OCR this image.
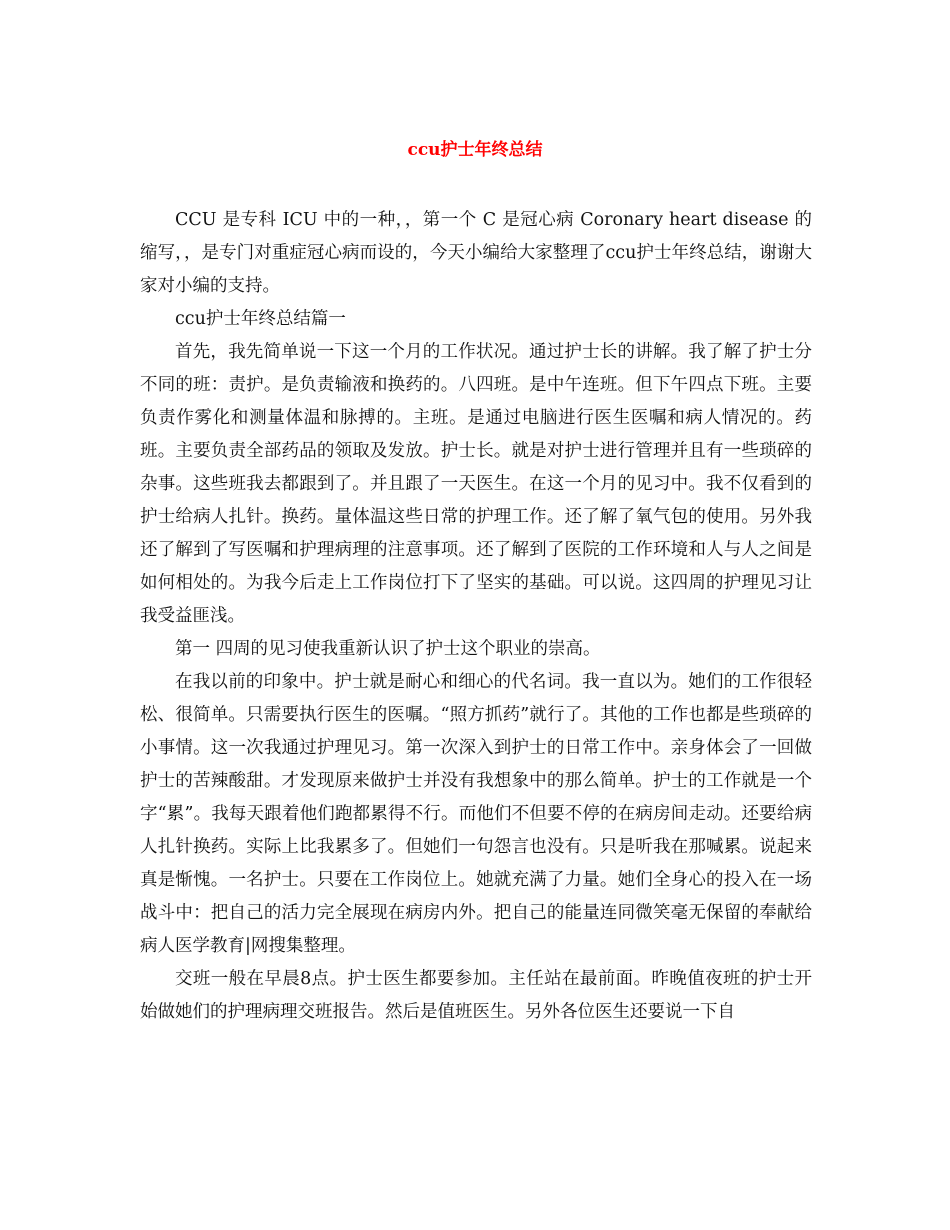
ccu护士年终总结

CCU 是专科 ICU 中的一种，，第一个 C 是冠心病 Coronary heart disease 的缩写，，是专门对重症冠心病而设的，今天小编给大家整理了ccu护士年终总结，谢谢大家对小编的支持。

ccu护士年终总结篇一

首先，我先简单说一下这一个月的工作状况。通过护士长的讲解。我了解了护士分不同的班：责护。是负责输液和换药的。八四班。是中午连班。但下午四点下班。主要负责作雾化和测量体温和脉搏的。主班。是通过电脑进行医生医嘱和病人情况的。药班。主要负责全部药品的领取及发放。护士长。就是对护士进行管理并且有一些琐碎的杂事。这些班我去都跟到了。并且跟了一天医生。在这一个月的见习中。我不仅看到的护士给病人扎针。换药。量体温这些日常的护理工作。还了解了氧气包的使用。另外我还了解到了写医嘱和护理病理的注意事项。还了解到了医院的工作环境和人与人之间是如何相处的。为我今后走上工作岗位打下了坚实的基础。可以说。这四周的护理见习让我受益匪浅。

第一 四周的见习使我重新认识了护士这个职业的崇高。

在我以前的印象中。护士就是耐心和细心的代名词。我一直以为。她们的工作很轻松、很简单。只需要执行医生的医嘱。“照方抓药”就行了。其他的工作也都是些琐碎的小事情。这一次我通过护理见习。第一次深入到护士的日常工作中。亲身体会了一回做护士的苦辣酸甜。才发现原来做护士并没有我想象中的那么简单。护士的工作就是一个字“累”。我每天跟着他们跑都累得不行。而他们不但要不停的在病房间走动。还要给病人扎针换药。实际上比我累多了。但她们一句怨言也没有。只是听我在那喊累。说起来真是惭愧。一名护士。只要在工作岗位上。她就充满了力量。她们全身心的投入在一场战斗中：把自己的活力完全展现在病房内外。把自己的能量连同微笑毫无保留的奉献给病人医学教育|网搜集整理。

交班一般在早晨8点。护士医生都要参加。主任站在最前面。昨晚值夜班的护士开始做她们的护理病理交班报告。然后是值班医生。另外各位医生还要说一下自
